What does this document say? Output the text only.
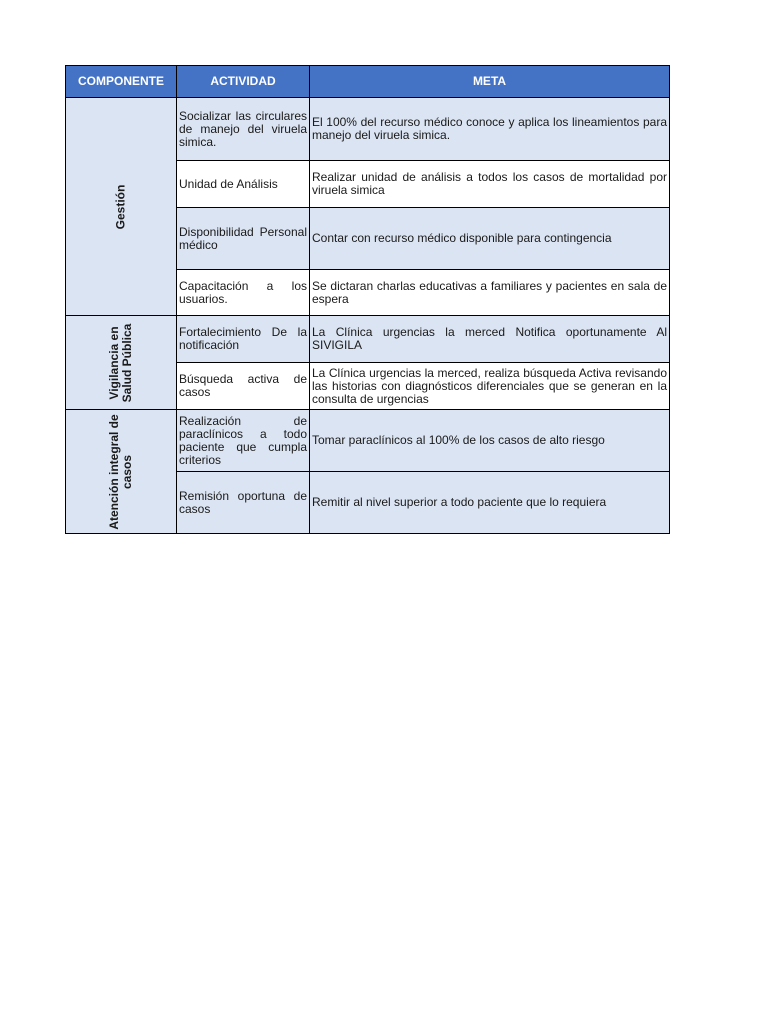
COMPONENTE	ACTIVIDAD	META

Gestión	Socializar las circulares de manejo del viruela simica.	El 100% del recurso médico conoce y aplica los lineamientos para manejo del viruela simica.
	Unidad de Análisis	Realizar unidad de análisis a todos los casos de mortalidad por viruela simica
	Disponibilidad Personal médico	Contar con recurso médico disponible para contingencia
	Capacitación a los usuarios.	Se dictaran charlas educativas a familiares y pacientes en sala de espera

Vigilancia en Salud Pública	Fortalecimiento De la notificación	La Clínica urgencias la merced Notifica oportunamente Al SIVIGILA
	Búsqueda activa de casos	La Clínica urgencias la merced, realiza búsqueda Activa revisando las historias con diagnósticos diferenciales que se generan en la consulta de urgencias

Atención integral de casos	Realización de paraclínicos a todo paciente que cumpla criterios	Tomar paraclínicos al 100% de los casos de alto riesgo
	Remisión oportuna de casos	Remitir al nivel superior a todo paciente que lo requiera
